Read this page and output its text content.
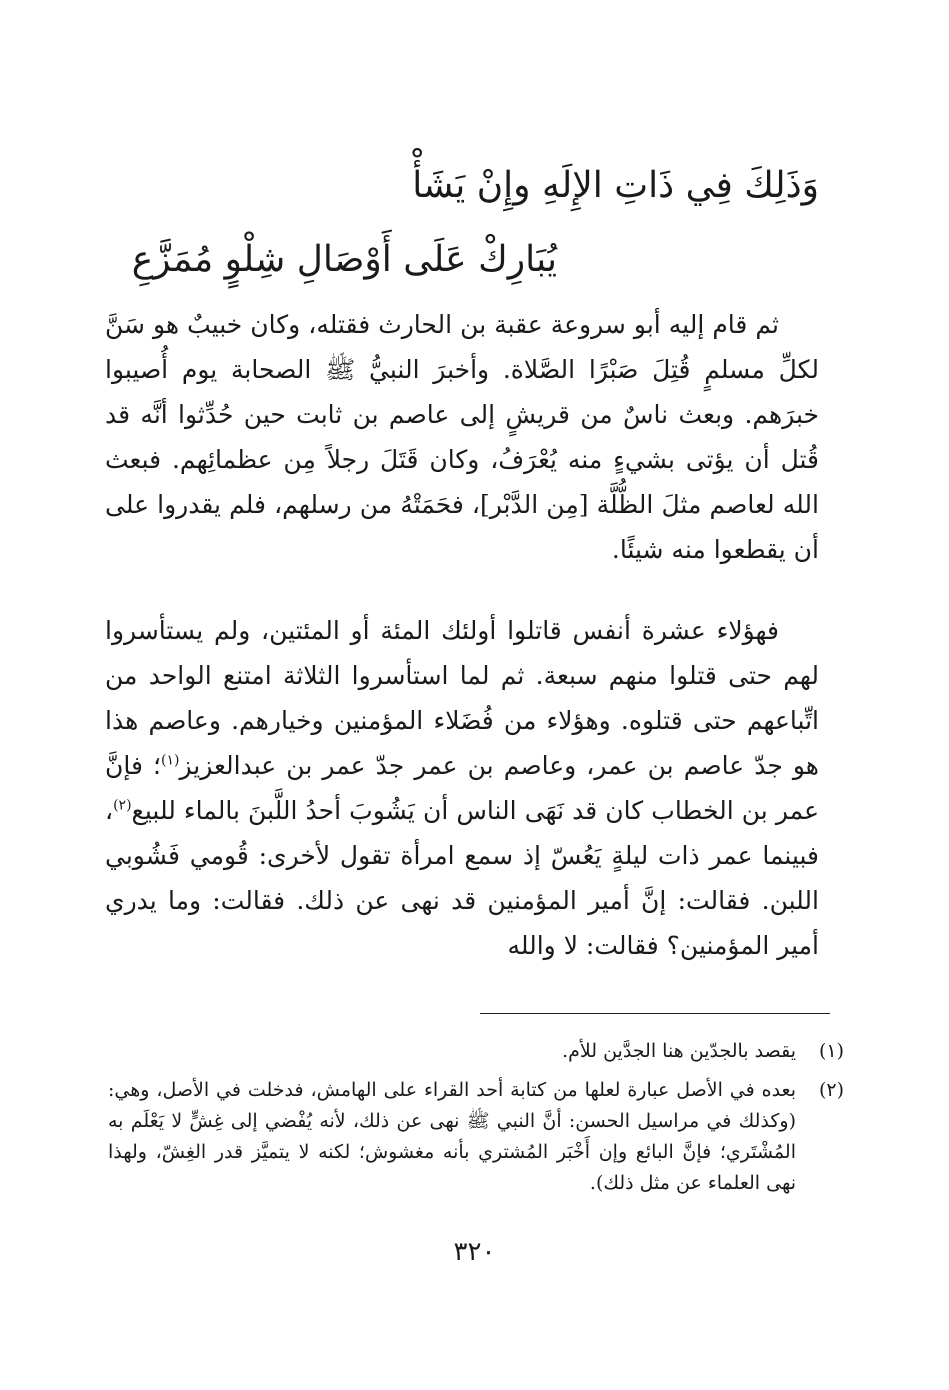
وَذَلِكَ فِي ذَاتِ الإِلَهِ وإِنْ يَشَأْ
يُبَارِكْ عَلَى أَوْصَالِ شِلْوٍ مُمَزَّعِ
ثم قام إليه أبو سروعة عقبة بن الحارث فقتله، وكان خبيبٌ هو سَنَّ لكلِّ مسلمٍ قُتِلَ صَبْرًا الصَّلاة. وأخبرَ النبيُّ ﷺ الصحابة يوم أُصيبوا خبرَهم. وبعث ناسٌ من قريشٍ إلى عاصم بن ثابت حين حُدِّثوا أنَّه قد قُتل أن يؤتى بشيءٍ منه يُعْرَفُ، وكان قَتَلَ رجلاً مِن عظمائِهم. فبعث الله لعاصم مثلَ الظُّلَّة [مِن الدَّبْر]، فحَمَتْهُ من رسلهم، فلم يقدروا على أن يقطعوا منه شيئًا.
فهؤلاء عشرة أنفس قاتلوا أولئك المئة أو المئتين، ولم يستأسروا لهم حتى قتلوا منهم سبعة. ثم لما استأسروا الثلاثة امتنع الواحد من اتِّباعهم حتى قتلوه. وهؤلاء من فُضَلاء المؤمنين وخيارهم. وعاصم هذا هو جدّ عاصم بن عمر، وعاصم بن عمر جدّ عمر بن عبدالعزيز$^{(١)}$؛ فإنَّ عمر بن الخطاب كان قد نَهَى الناس أن يَشُوبَ أحدُ اللَّبنَ بالماء للبيع$^{(٢)}$، فبينما عمر ذات ليلةٍ يَعُسّ إذ سمع امرأة تقول لأخرى: قُومي فَشُوبي اللبن. فقالت: إنَّ أمير المؤمنين قد نهى عن ذلك. فقالت: وما يدري أمير المؤمنين؟ فقالت: لا والله
(١)
يقصد بالجدّين هنا الجدَّين للأم.
(٢)
بعده في الأصل عبارة لعلها من كتابة أحد القراء على الهامش، فدخلت في الأصل، وهي: (وكذلك في مراسيل الحسن: أنَّ النبي ﷺ نهى عن ذلك، لأنه يُفْضي إلى غِشٍّ لا يَعْلَم به المُشْتَري؛ فإنَّ البائع وإن أَخْبَر المُشتري بأنه مغشوش؛ لكنه لا يتميَّز قدر الغِشّ، ولهذا نهى العلماء عن مثل ذلك).
٣٢٠
